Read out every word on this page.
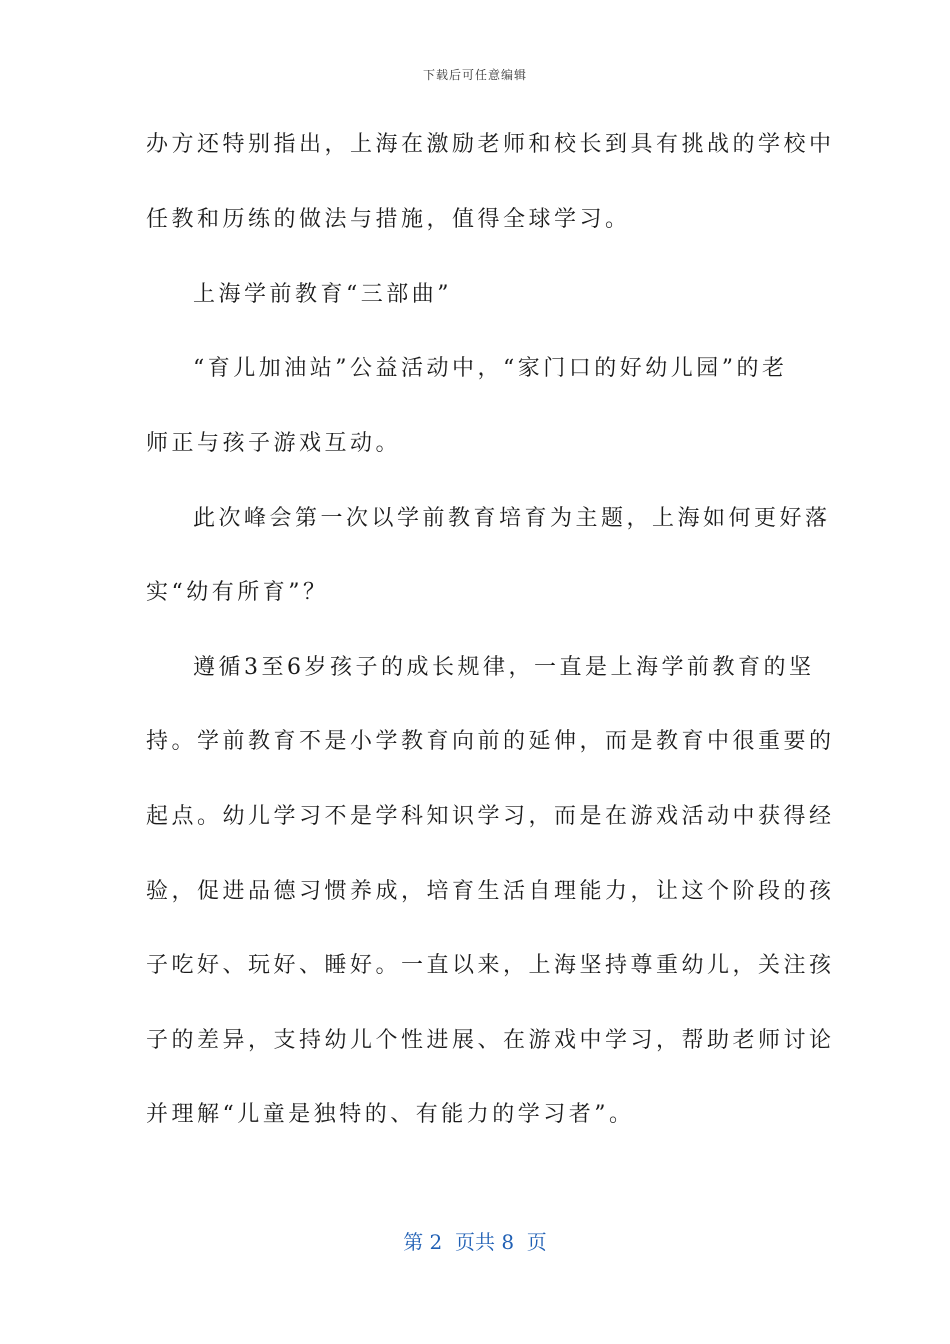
下载后可任意编辑
办方还特别指出，上海在激励老师和校长到具有挑战的学校中
任教和历练的做法与措施，值得全球学习。
上海学前教育“三部曲”
“育儿加油站”公益活动中，“家门口的好幼儿园”的老
师正与孩子游戏互动。
此次峰会第一次以学前教育培育为主题，上海如何更好落
实“幼有所育”？
遵循3至6岁孩子的成长规律，一直是上海学前教育的坚
持。学前教育不是小学教育向前的延伸，而是教育中很重要的
起点。幼儿学习不是学科知识学习，而是在游戏活动中获得经
验，促进品德习惯养成，培育生活自理能力，让这个阶段的孩
子吃好、玩好、睡好。一直以来，上海坚持尊重幼儿，关注孩
子的差异，支持幼儿个性进展、在游戏中学习，帮助老师讨论
并理解“儿童是独特的、有能力的学习者”。
第 2  页共 8  页
